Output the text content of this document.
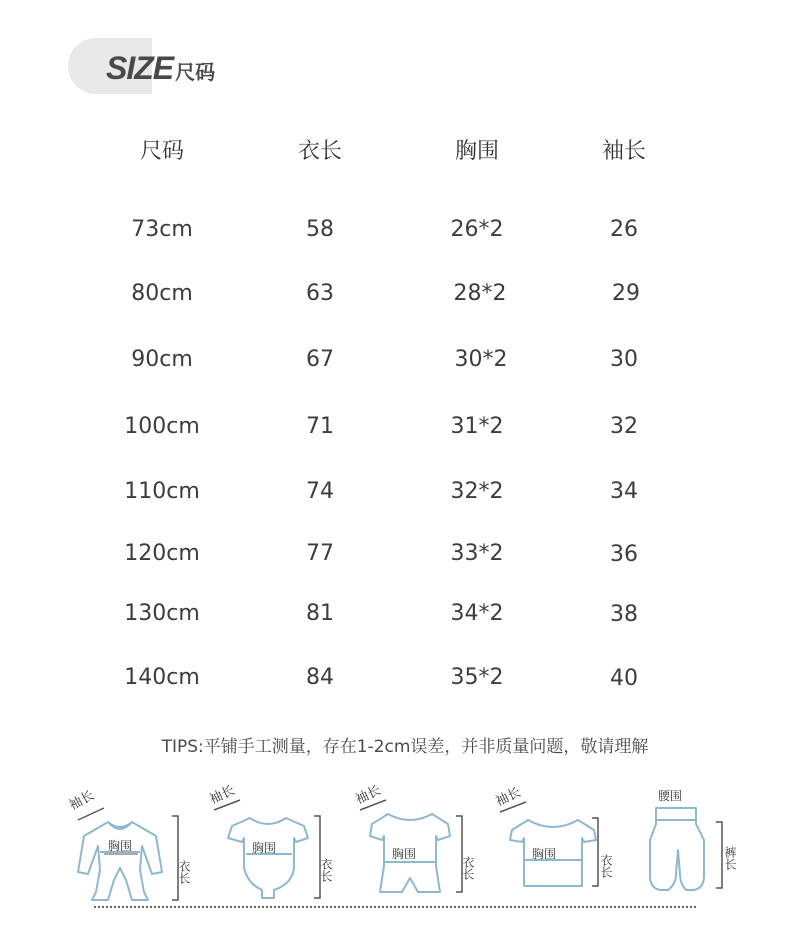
SIZE 尺码
尺码	衣长	胸围	袖长
73cm	58	26*2	26
80cm	63	28*2	29
90cm	67	30*2	30
100cm	71	31*2	32
110cm	74	32*2	34
120cm	77	33*2	36
130cm	81	34*2	38
140cm	84	35*2	40
TIPS:平铺手工测量，存在1-2cm误差，并非质量问题，敬请理解
袖长
胸围
衣长
袖长
胸围
衣长
袖长
胸围
衣长
袖长
胸围	衣长
腰围
裤长
